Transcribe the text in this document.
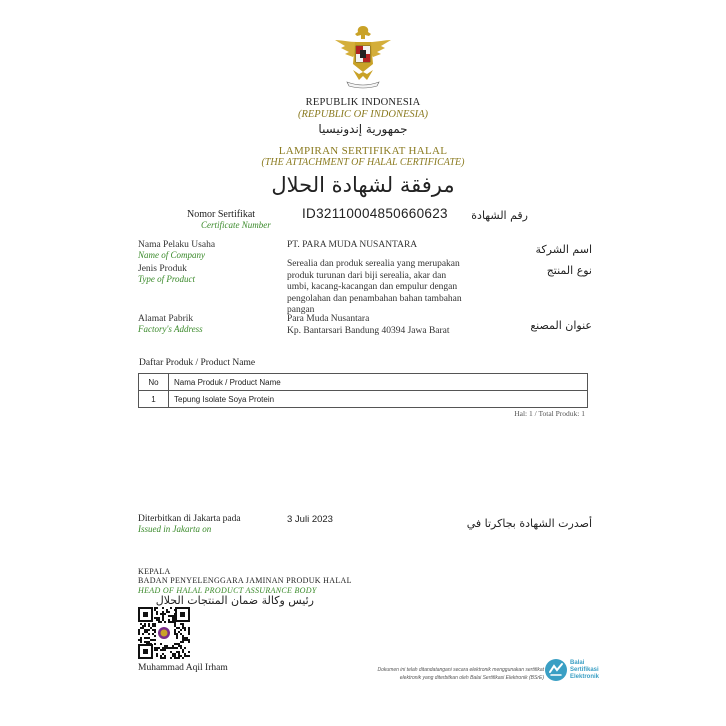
REPUBLIK INDONESIA
(REPUBLIC OF INDONESIA)
جمهورية إندونيسيا
LAMPIRAN SERTIFIKAT HALAL
(THE ATTACHMENT OF HALAL CERTIFICATE)
مرفقة لشهادة الحلال
Nomor Sertifikat
Certificate Number
ID32110004850660623	رقم الشهادة
Nama Pelaku Usaha
Name of Company
PT. PARA MUDA NUSANTARA	اسم الشركة
Jenis Produk
Type of Product
Serealia dan produk serealia yang merupakan
produk turunan dari biji serealia, akar dan
umbi, kacang-kacangan dan empulur dengan
pengolahan dan penambahan bahan tambahan
pangan
نوع المنتج
Alamat Pabrik
Factory's Address
Para Muda Nusantara
Kp. Bantarsari Bandung 40394 Jawa Barat	عنوان المصنع
Daftar Produk / Product Name
No	Nama Produk / Product Name
1	Tepung Isolate Soya Protein
Hal: 1 / Total Produk: 1
Diterbitkan di Jakarta pada
Issued in Jakarta on
3 Juli 2023	أصدرت الشهادة بجاكرتا في
KEPALA
BADAN PENYELENGGARA JAMINAN PRODUK HALAL
HEAD OF HALAL PRODUCT ASSURANCE BODY
رئيس وكالة ضمان المنتجات الحلال
Muhammad Aqil Irham	Dokumen ini telah ditandatangani secara elektronik menggunakan sertifikat
elektronik yang diterbitkan oleh Balai Sertifikasi Elektronik (BSrE)
Balai
Sertifikasi
Elektronik
